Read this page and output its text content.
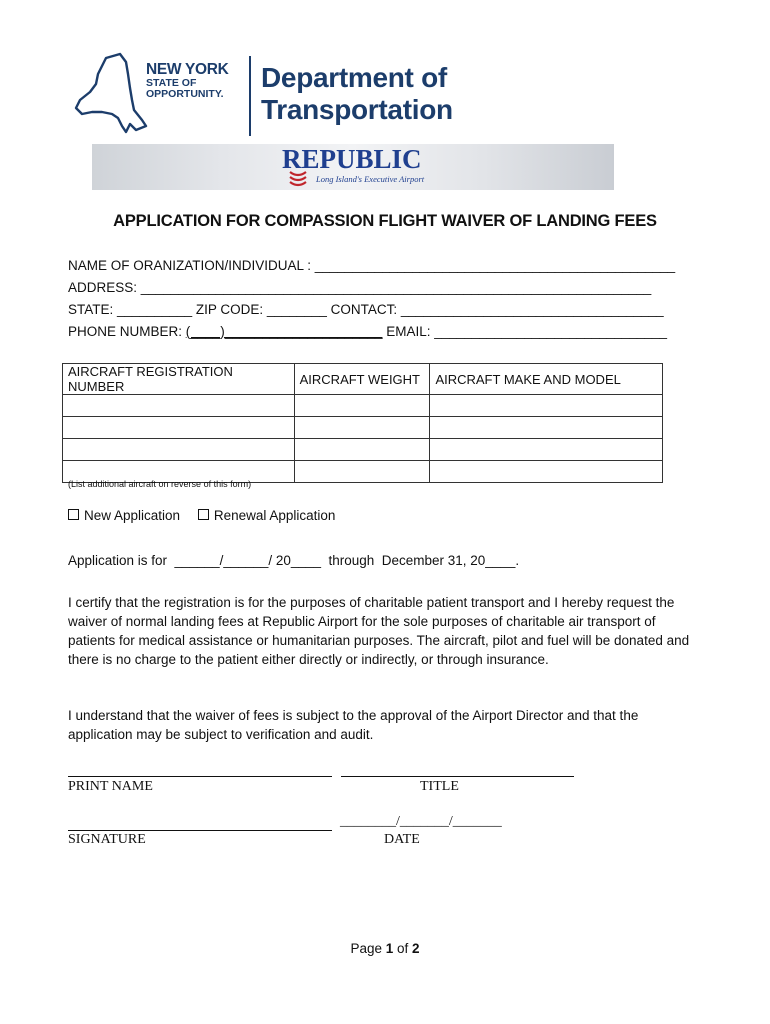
NEW YORK
STATE OF
OPPORTUNITY.
Department of
Transportation
REPUBLIC
Long Island's Executive Airport
APPLICATION FOR COMPASSION FLIGHT WAIVER OF LANDING FEES
NAME OF ORANIZATION/INDIVIDUAL : ________________________________________________
ADDRESS: ____________________________________________________________________
STATE: __________ ZIP CODE: ________ CONTACT: ___________________________________
PHONE NUMBER: (____)_____________________ EMAIL: _______________________________
AIRCRAFT REGISTRATION NUMBER	AIRCRAFT WEIGHT	AIRCRAFT MAKE AND MODEL

(List additional aircraft on reverse of this form)
New Application	Renewal Application
Application is for  ______/______/ 20____  through  December 31, 20____.
I certify that the registration is for the purposes of charitable patient transport and I hereby request the waiver of normal landing fees at Republic Airport for the sole purposes of charitable air transport of patients for medical assistance or humanitarian purposes. The aircraft, pilot and fuel will be donated and there is no charge to the patient either directly or indirectly, or through insurance.
I understand that the waiver of fees is subject to the approval of the Airport Director and that the application may be subject to verification and audit.
PRINT NAME	TITLE
________/_______/_______
SIGNATURE	DATE
Page 1 of 2
